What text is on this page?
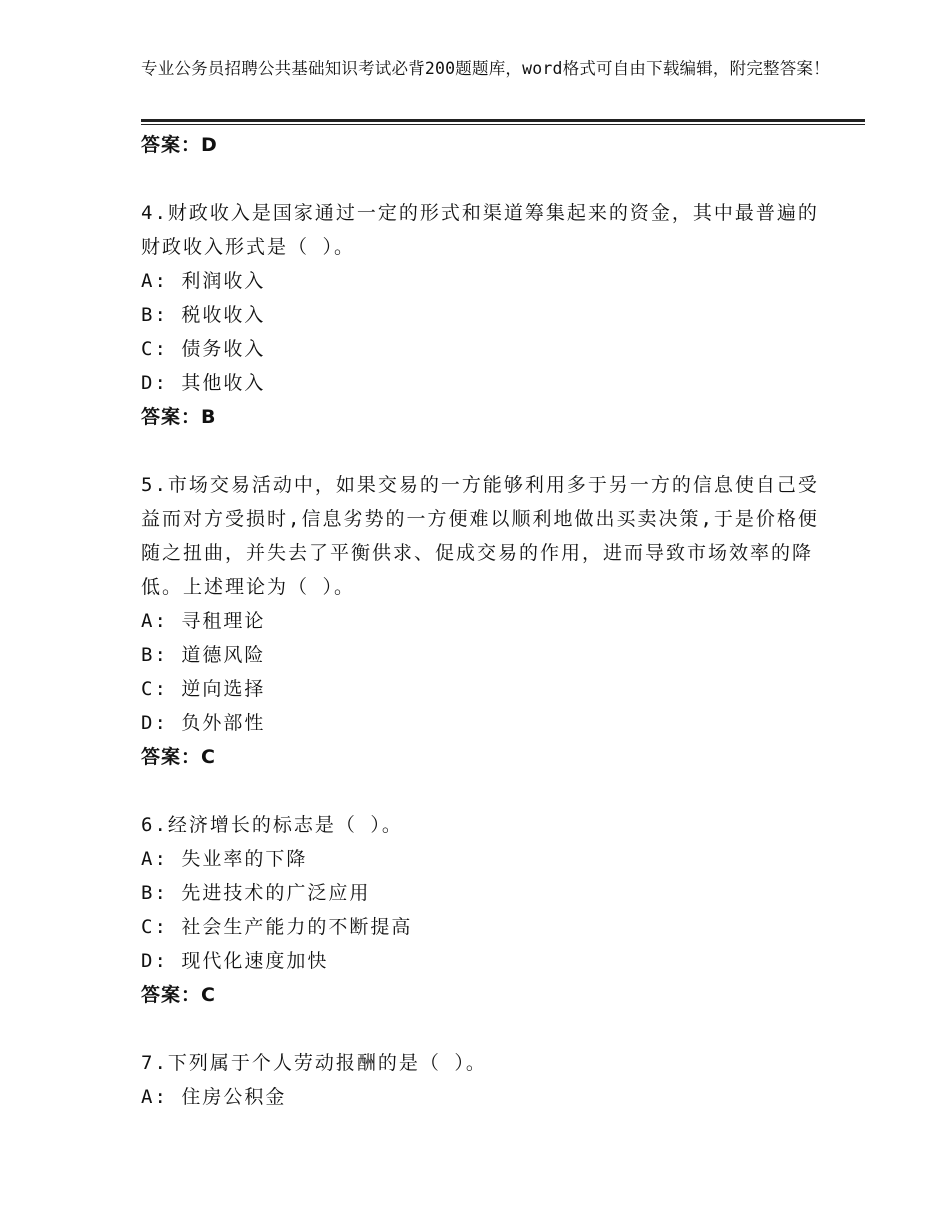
专业公务员招聘公共基础知识考试必背200题题库，word格式可自由下载编辑，附完整答案！
答案：D
4.财政收入是国家通过一定的形式和渠道筹集起来的资金，其中最普遍的财政收入形式是（ ）。
A: 利润收入
B: 税收收入
C: 债务收入
D: 其他收入
答案：B
5.市场交易活动中，如果交易的一方能够利用多于另一方的信息使自己受益而对方受损时,信息劣势的一方便难以顺利地做出买卖决策,于是价格便随之扭曲，并失去了平衡供求、促成交易的作用，进而导致市场效率的降低。上述理论为（ ）。
A: 寻租理论
B: 道德风险
C: 逆向选择
D: 负外部性
答案：C
6.经济增长的标志是（ ）。
A: 失业率的下降
B: 先进技术的广泛应用
C: 社会生产能力的不断提高
D: 现代化速度加快
答案：C
7.下列属于个人劳动报酬的是（ ）。
A: 住房公积金
